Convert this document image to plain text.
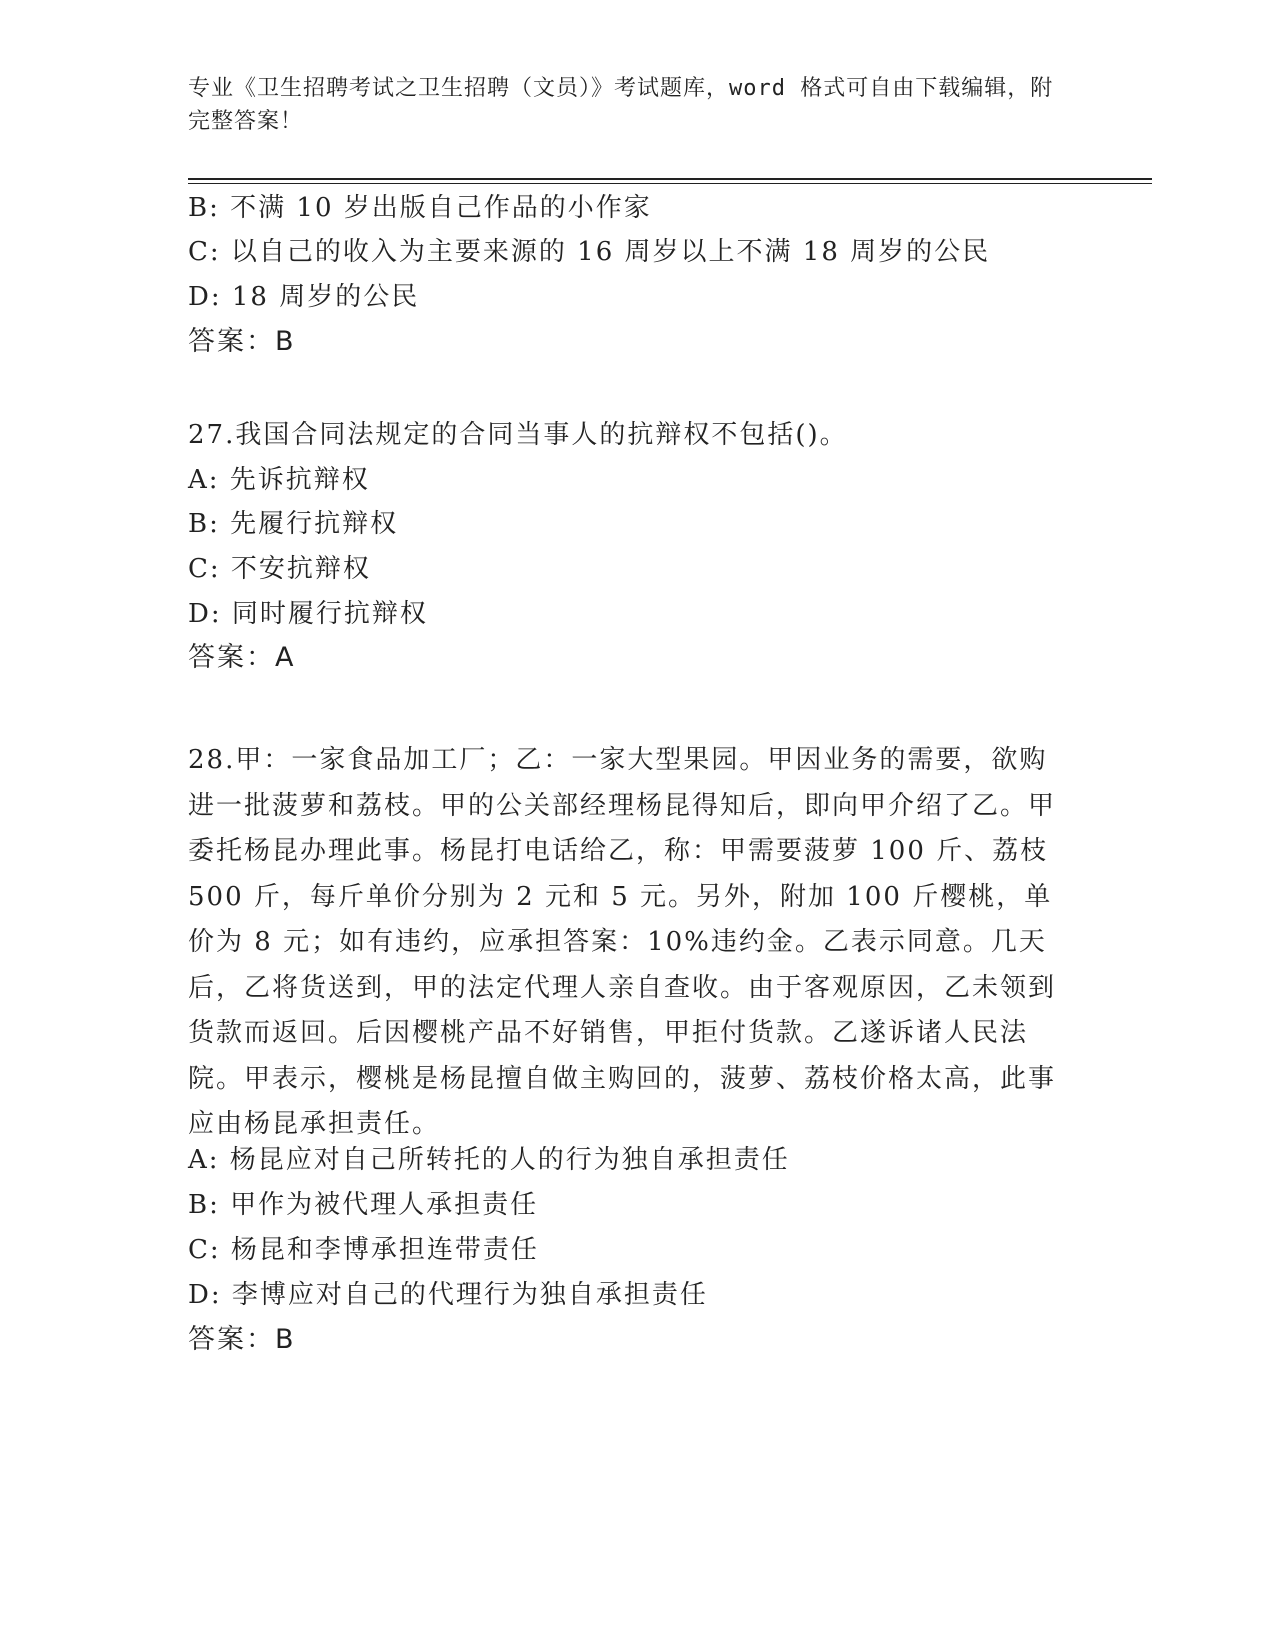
专业《卫生招聘考试之卫生招聘（文员）》考试题库，word 格式可自由下载编辑，附完整答案！
B: 不满 10 岁出版自己作品的小作家
C: 以自己的收入为主要来源的 16 周岁以上不满 18 周岁的公民
D: 18 周岁的公民
答案：B
27.我国合同法规定的合同当事人的抗辩权不包括()。
A: 先诉抗辩权
B: 先履行抗辩权
C: 不安抗辩权
D: 同时履行抗辩权
答案：A

28.甲：一家食品加工厂；乙：一家大型果园。甲因业务的需要，欲购进一批菠萝和荔枝。甲的公关部经理杨昆得知后，即向甲介绍了乙。甲委托杨昆办理此事。杨昆打电话给乙，称：甲需要菠萝 100 斤、荔枝 500 斤，每斤单价分别为 2 元和 5 元。另外，附加 100 斤樱桃，单价为 8 元；如有违约，应承担答案：10%违约金。乙表示同意。几天后，乙将货送到，甲的法定代理人亲自查收。由于客观原因，乙未领到货款而返回。后因樱桃产品不好销售，甲拒付货款。乙遂诉诸人民法院。甲表示，樱桃是杨昆擅自做主购回的，菠萝、荔枝价格太高，此事应由杨昆承担责任。

A: 杨昆应对自己所转托的人的行为独自承担责任
B: 甲作为被代理人承担责任
C: 杨昆和李博承担连带责任
D: 李博应对自己的代理行为独自承担责任
答案：B
